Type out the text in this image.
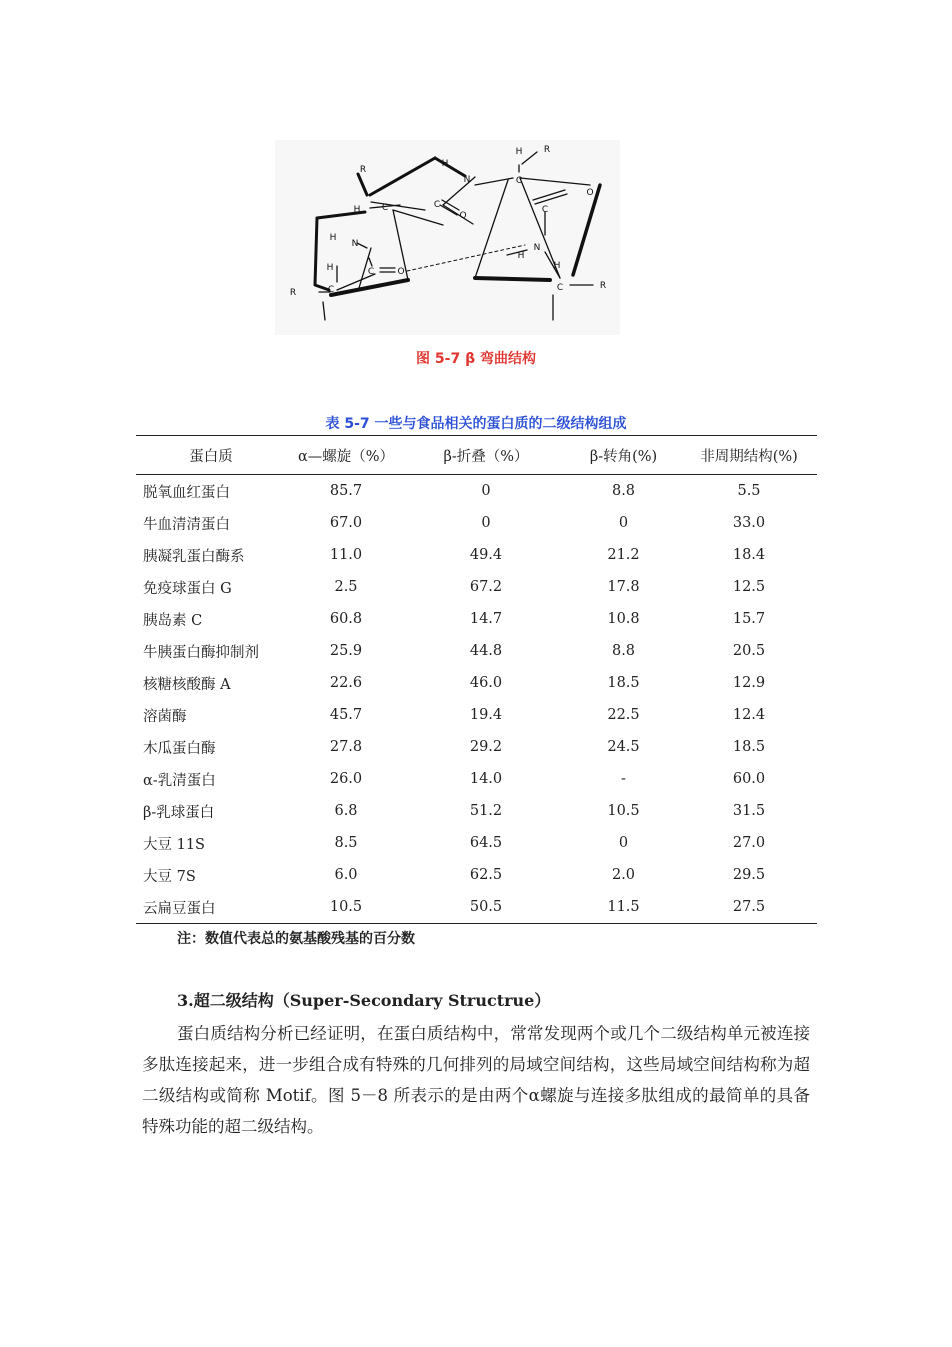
R
H
N
H R
C
H C	C
O
O
C
H
N
H
N
H	C	O
H
R	C	C	R
图 5-7 β 弯曲结构
表 5-7 一些与食品相关的蛋白质的二级结构组成
蛋白质	α—螺旋（%）	β-折叠（%）	β-转角(%)	非周期结构(%)
脱氧血红蛋白	85.7	0	8.8	5.5
牛血清清蛋白	67.0	0	0	33.0
胰凝乳蛋白酶系	11.0	49.4	21.2	18.4
免疫球蛋白 G	2.5	67.2	17.8	12.5
胰岛素 C	60.8	14.7	10.8	15.7
牛胰蛋白酶抑制剂	25.9	44.8	8.8	20.5
核糖核酸酶 A	22.6	46.0	18.5	12.9
溶菌酶	45.7	19.4	22.5	12.4
木瓜蛋白酶	27.8	29.2	24.5	18.5
α-乳清蛋白	26.0	14.0	-	60.0
β-乳球蛋白	6.8	51.2	10.5	31.5
大豆 11S	8.5	64.5	0	27.0
大豆 7S	6.0	62.5	2.0	29.5
云扁豆蛋白	10.5	50.5	11.5	27.5
注：数值代表总的氨基酸残基的百分数
3.超二级结构（Super-Secondary Structrue）

蛋白质结构分析已经证明，在蛋白质结构中，常常发现两个或几个二级结构单元被连接多肽连接起来，进一步组合成有特殊的几何排列的局域空间结构，这些局域空间结构称为超二级结构或简称 Motif。图 5－8 所表示的是由两个α螺旋与连接多肽组成的最简单的具备特殊功能的超二级结构。
